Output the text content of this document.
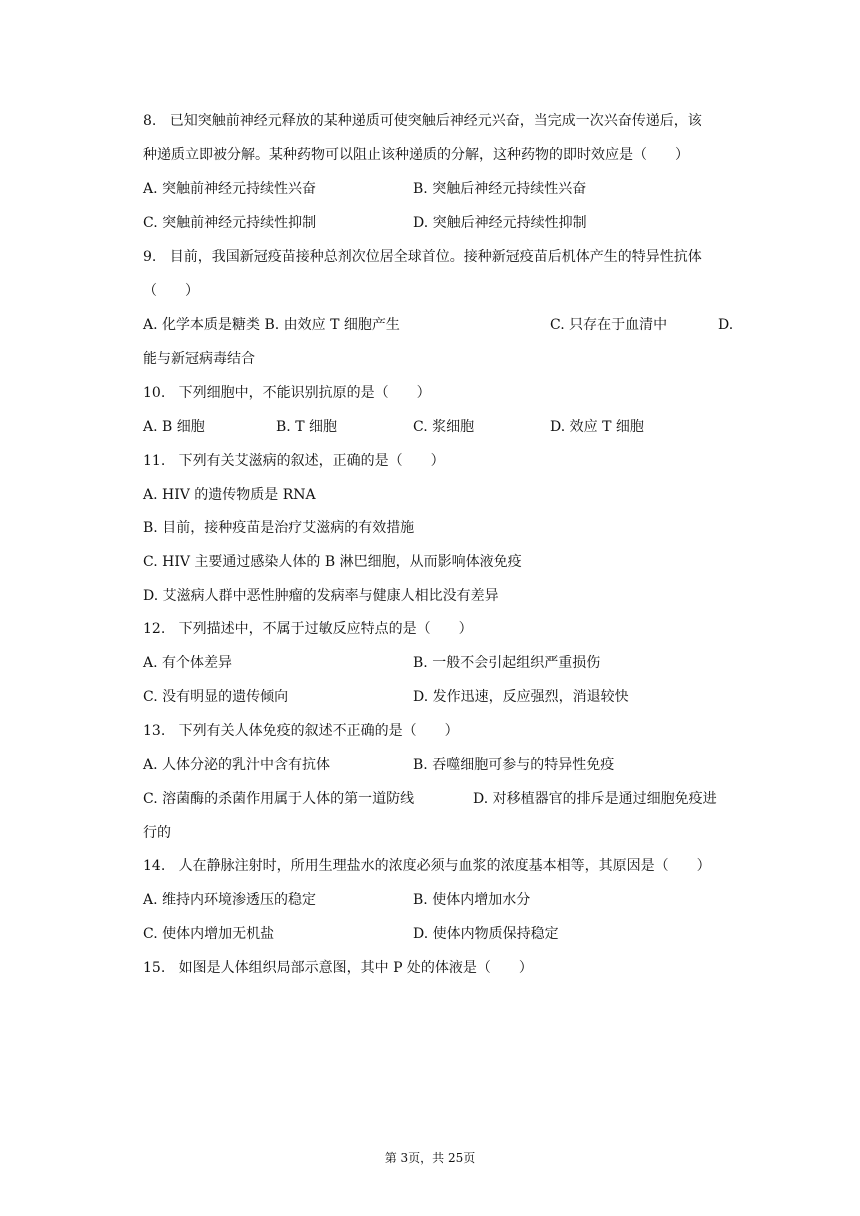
8.   已知突触前神经元释放的某种递质可使突触后神经元兴奋，当完成一次兴奋传递后，该
种递质立即被分解。某种药物可以阻止该种递质的分解，这种药物的即时效应是（　　）
A. 突触前神经元持续性兴奋	B. 突触后神经元持续性兴奋
C. 突触前神经元持续性抑制	D. 突触后神经元持续性抑制
9.   目前，我国新冠疫苗接种总剂次位居全球首位。接种新冠疫苗后机体产生的特异性抗体
（　　）
A. 化学本质是糖类 B. 由效应 T 细胞产生	C. 只存在于血清中	D.
能与新冠病毒结合
10.   下列细胞中，不能识别抗原的是（　　）
A. B 细胞	B. T 细胞	C. 浆细胞	D. 效应 T 细胞
11.   下列有关艾滋病的叙述，正确的是（　　）
A. HIV 的遗传物质是 RNA
B. 目前，接种疫苗是治疗艾滋病的有效措施
C. HIV 主要通过感染人体的 B 淋巴细胞，从而影响体液免疫
D. 艾滋病人群中恶性肿瘤的发病率与健康人相比没有差异
12.   下列描述中，不属于过敏反应特点的是（　　）
A. 有个体差异	B. 一般不会引起组织严重损伤
C. 没有明显的遗传倾向	D. 发作迅速，反应强烈，消退较快
13.   下列有关人体免疫的叙述不正确的是（　　）
A. 人体分泌的乳汁中含有抗体	B. 吞噬细胞可参与的特异性免疫
C. 溶菌酶的杀菌作用属于人体的第一道防线	D. 对移植器官的排斥是通过细胞免疫进
行的
14.   人在静脉注射时，所用生理盐水的浓度必须与血浆的浓度基本相等，其原因是（　　）
A. 维持内环境渗透压的稳定	B. 使体内增加水分
C. 使体内增加无机盐	D. 使体内物质保持稳定
15.   如图是人体组织局部示意图，其中 P 处的体液是（　　）
第 3页，共 25页
